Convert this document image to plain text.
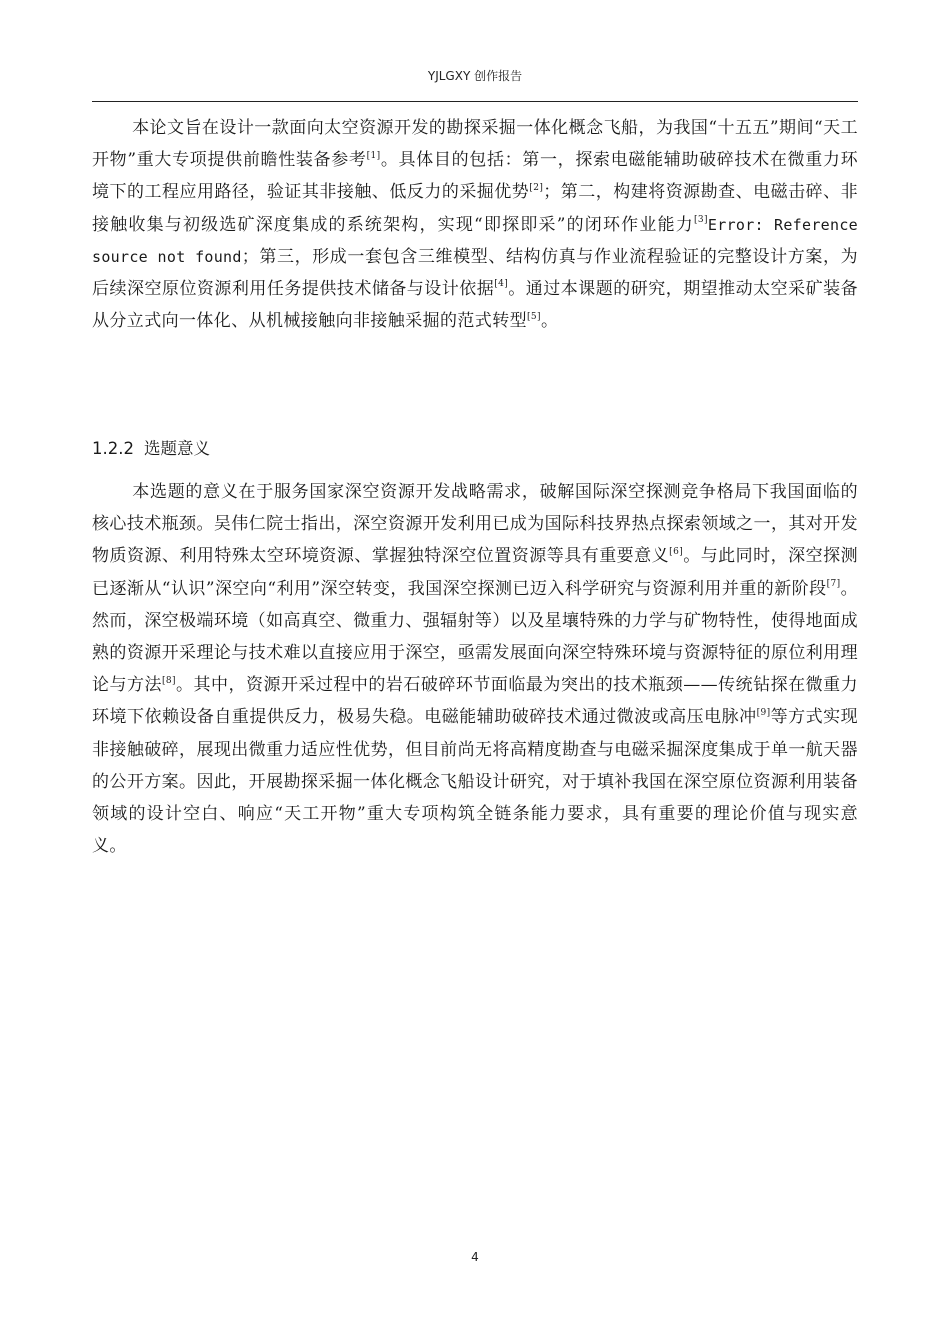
YJLGXY 创作报告

本论文旨在设计一款面向太空资源开发的勘探采掘一体化概念飞船，为我国“十五五”期间“天工开物”重大专项提供前瞻性装备参考[1]。具体目的包括：第一，探索电磁能辅助破碎技术在微重力环境下的工程应用路径，验证其非接触、低反力的采掘优势[2]；第二，构建将资源勘查、电磁击碎、非接触收集与初级选矿深度集成的系统架构，实现“即探即采”的闭环作业能力[3]Error: Reference source not found；第三，形成一套包含三维模型、结构仿真与作业流程验证的完整设计方案，为后续深空原位资源利用任务提供技术储备与设计依据[4]。通过本课题的研究，期望推动太空采矿装备从分立式向一体化、从机械接触向非接触采掘的范式转型[5]。

1.2.2 选题意义

本选题的意义在于服务国家深空资源开发战略需求，破解国际深空探测竞争格局下我国面临的核心技术瓶颈。吴伟仁院士指出，深空资源开发利用已成为国际科技界热点探索领域之一，其对开发物质资源、利用特殊太空环境资源、掌握独特深空位置资源等具有重要意义[6]。与此同时，深空探测已逐渐从“认识”深空向“利用”深空转变，我国深空探测已迈入科学研究与资源利用并重的新阶段[7]。然而，深空极端环境（如高真空、微重力、强辐射等）以及星壤特殊的力学与矿物特性，使得地面成熟的资源开采理论与技术难以直接应用于深空，亟需发展面向深空特殊环境与资源特征的原位利用理论与方法[8]。其中，资源开采过程中的岩石破碎环节面临最为突出的技术瓶颈——传统钻探在微重力环境下依赖设备自重提供反力，极易失稳。电磁能辅助破碎技术通过微波或高压电脉冲[9]等方式实现非接触破碎，展现出微重力适应性优势，但目前尚无将高精度勘查与电磁采掘深度集成于单一航天器的公开方案。因此，开展勘探采掘一体化概念飞船设计研究，对于填补我国在深空原位资源利用装备领域的设计空白、响应“天工开物”重大专项构筑全链条能力要求，具有重要的理论价值与现实意义。

4
